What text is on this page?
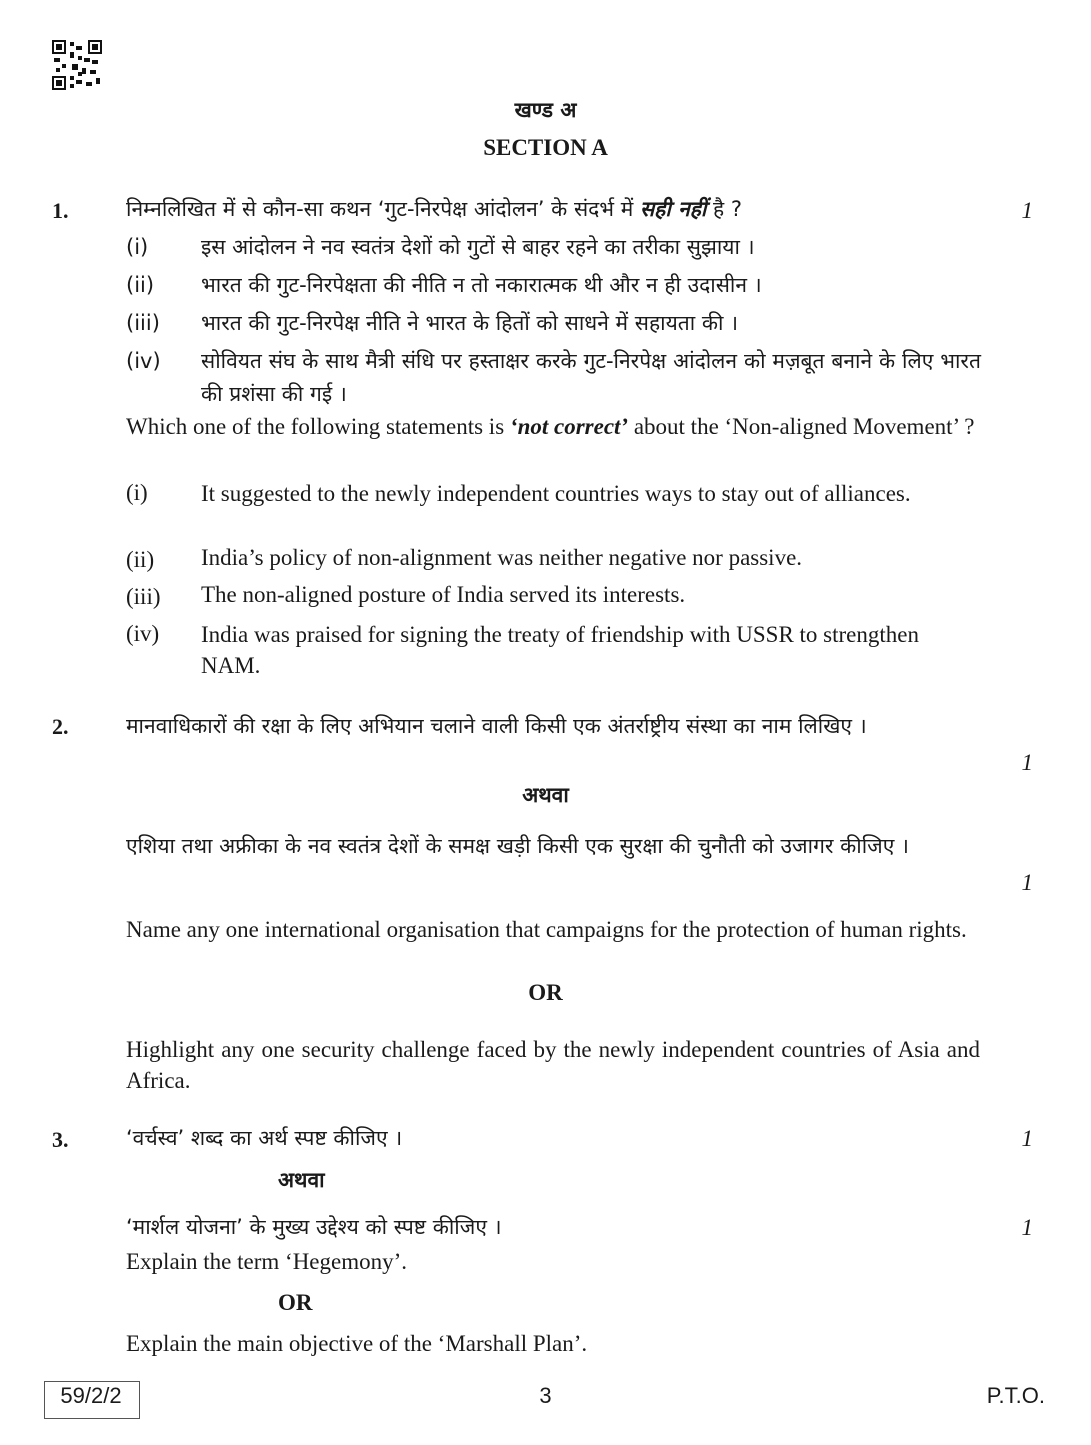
खण्ड अ
SECTION A
1.	1
निम्नलिखित में से कौन-सा कथन ‘गुट-निरपेक्ष आंदोलन’ के संदर्भ में सही नहीं है ?
(i)	इस आंदोलन ने नव स्वतंत्र देशों को गुटों से बाहर रहने का तरीका सुझाया ।
(ii) भारत की गुट-निरपेक्षता की नीति न तो नकारात्मक थी और न ही उदासीन ।
(iii) भारत की गुट-निरपेक्ष नीति ने भारत के हितों को साधने में सहायता की ।
(iv) सोवियत संघ के साथ मैत्री संधि पर हस्ताक्षर करके गुट-निरपेक्ष आंदोलन को मज़बूत बनाने के लिए भारत की प्रशंसा की गई ।
Which one of the following statements is ‘not correct’ about the ‘Non-aligned Movement’ ?
(i) It suggested to the newly independent countries ways to stay out of alliances.
(ii) India’s policy of non-alignment was neither negative nor passive.
(iii) The non-aligned posture of India served its interests.
(iv) India was praised for signing the treaty of friendship with USSR to strengthen NAM.
2.	मानवाधिकारों की रक्षा के लिए अभियान चलाने वाली किसी एक अंतर्राष्ट्रीय संस्था का नाम लिखिए ।
1
अथवा
एशिया तथा अफ्रीका के नव स्वतंत्र देशों के समक्ष खड़ी किसी एक सुरक्षा की चुनौती को उजागर कीजिए ।
1
Name any one international organisation that campaigns for the protection of human rights.
OR
Highlight any one security challenge faced by the newly independent countries of Asia and Africa.
3.	‘वर्चस्व’ शब्द का अर्थ स्पष्ट कीजिए ।	1
अथवा
‘मार्शल योजना’ के मुख्य उद्देश्य को स्पष्ट कीजिए ।	1
Explain the term ‘Hegemony’.
OR
Explain the main objective of the ‘Marshall Plan’.
59/2/2	3	P.T.O.
